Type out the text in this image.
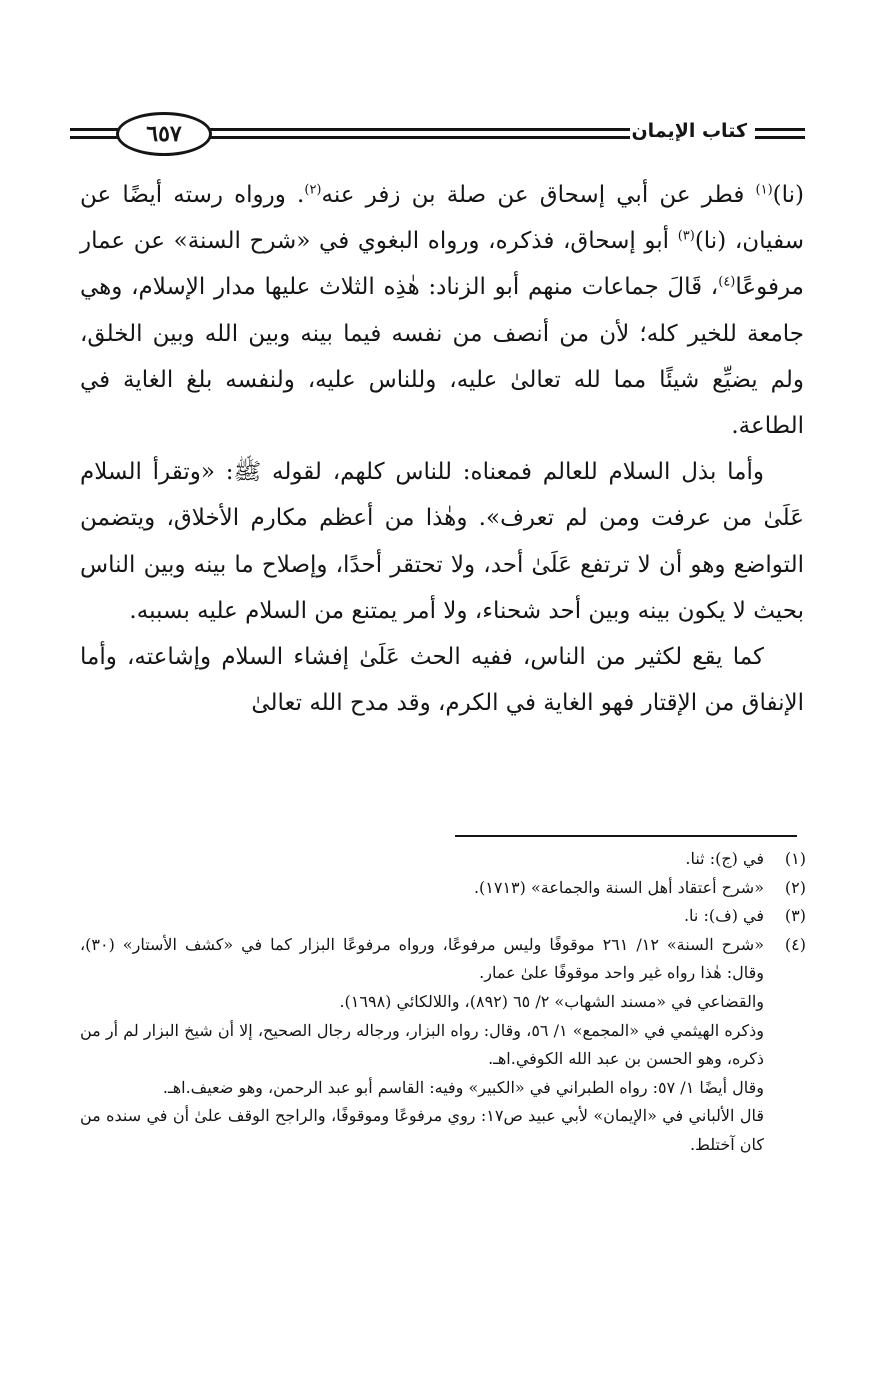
٦٥٧	كتاب الإيمان

(نا)$^{(١)}$ فطر عن أبي إسحاق عن صلة بن زفر عنه$^{(٢)}$. ورواه رسته أيضًا عن سفيان، (نا)$^{(٣)}$ أبو إسحاق، فذكره، ورواه البغوي في «شرح السنة» عن عمار مرفوعًا$^{(٤)}$، قَالَ جماعات منهم أبو الزناد: هٰذِه الثلاث عليها مدار الإسلام، وهي جامعة للخير كله؛ لأن من أنصف من نفسه فيما بينه وبين الله وبين الخلق، ولم يضيِّع شيئًا مما لله تعالىٰ عليه، وللناس عليه، ولنفسه بلغ الغاية في الطاعة.

وأما بذل السلام للعالم فمعناه: للناس كلهم، لقوله ﷺ: «وتقرأ السلام عَلَىٰ من عرفت ومن لم تعرف». وهٰذا من أعظم مكارم الأخلاق، ويتضمن التواضع وهو أن لا ترتفع عَلَىٰ أحد، ولا تحتقر أحدًا، وإصلاح ما بينه وبين الناس بحيث لا يكون بينه وبين أحد شحناء، ولا أمر يمتنع من السلام عليه بسببه.

كما يقع لكثير من الناس، ففيه الحث عَلَىٰ إفشاء السلام وإشاعته، وأما الإنفاق من الإقتار فهو الغاية في الكرم، وقد مدح الله تعالىٰ

(١)
في (ج): ثنا.
(٢)
«شرح أعتقاد أهل السنة والجماعة» (١٧١٣).
(٣)
في (ف): نا.
(٤)
«شرح السنة» ١٢/ ٢٦١ موقوفًا وليس مرفوعًا، ورواه مرفوعًا البزار كما في «كشف الأستار» (٣٠)، وقال: هٰذا رواه غير واحد موقوفًا علىٰ عمار.
والقضاعي في «مسند الشهاب» ٢/ ٦٥ (٨٩٢)، واللالكائي (١٦٩٨).
وذكره الهيثمي في «المجمع» ١/ ٥٦، وقال: رواه البزار، ورجاله رجال الصحيح، إلا أن شيخ البزار لم أر من ذكره، وهو الحسن بن عبد الله الكوفي.اهـ.
وقال أيضًا ١/ ٥٧: رواه الطبراني في «الكبير» وفيه: القاسم أبو عبد الرحمن، وهو ضعيف.اهـ.
قال الألباني في «الإيمان» لأبي عبيد ص١٧: روي مرفوعًا وموقوفًا، والراجح الوقف علىٰ أن في سنده من كان آختلط.
